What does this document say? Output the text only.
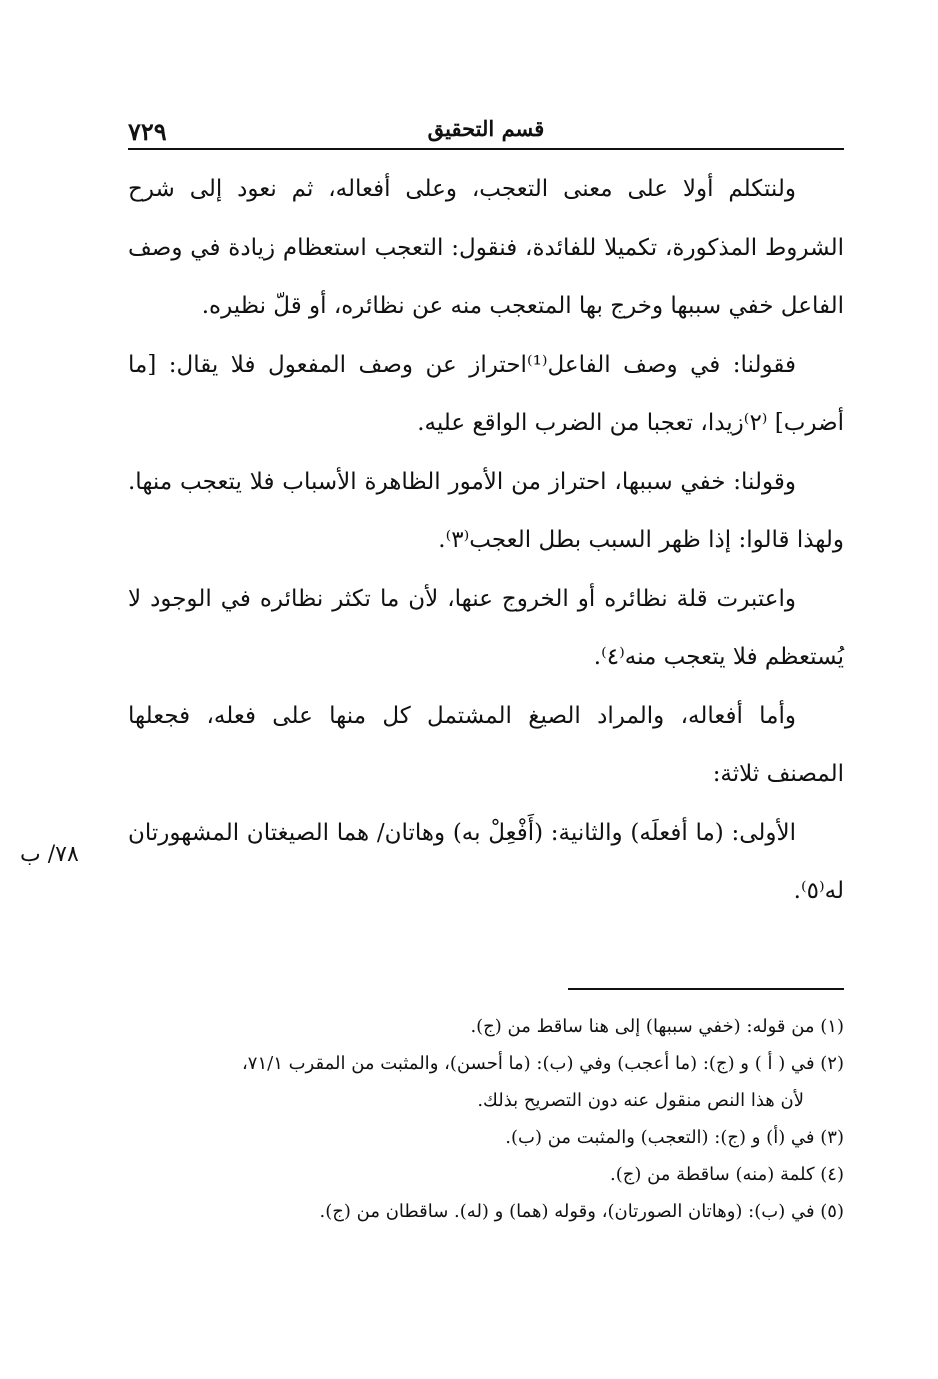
قسم التحقيق
٧٢٩

ولنتكلم أولا على معنى التعجب، وعلى أفعاله، ثم نعود إلى شرح الشروط المذكورة، تكميلا للفائدة، فنقول: التعجب استعظام زيادة في وصف الفاعل خفي سببها وخرج بها المتعجب منه عن نظائره، أو قلّ نظيره.

فقولنا: في وصف الفاعل⁽¹⁾احتراز عن وصف المفعول فلا يقال: [ما أضرب] ⁽٢⁾زيدا، تعجبا من الضرب الواقع عليه.

وقولنا: خفي سببها، احتراز من الأمور الظاهرة الأسباب فلا يتعجب منها. ولهذا قالوا: إذا ظهر السبب بطل العجب⁽٣⁾.

واعتبرت قلة نظائره أو الخروج عنها، لأن ما تكثر نظائره في الوجود لا يُستعظم فلا يتعجب منه⁽٤⁾.

وأما أفعاله، والمراد الصيغ المشتمل كل منها على فعله، فجعلها المصنف ثلاثة:

الأولى: (ما أفعلَه) والثانية: (أَفْعِلْ به) وهاتان/ هما الصيغتان المشهورتان له⁽٥⁾.

٧٨/ ب

(١) من قوله: (خفي سببها) إلى هنا ساقط من (ج).

(٢) في ( أ ) و (ج): (ما أعجب) وفي (ب): (ما أحسن)، والمثبت من المقرب ٧١/١،

لأن هذا النص منقول عنه دون التصريح بذلك.

(٣) في (أ) و (ج): (التعجب) والمثبت من (ب).

(٤) كلمة (منه) ساقطة من (ج).

(٥) في (ب): (وهاتان الصورتان)، وقوله (هما) و (له). ساقطان من (ج).
